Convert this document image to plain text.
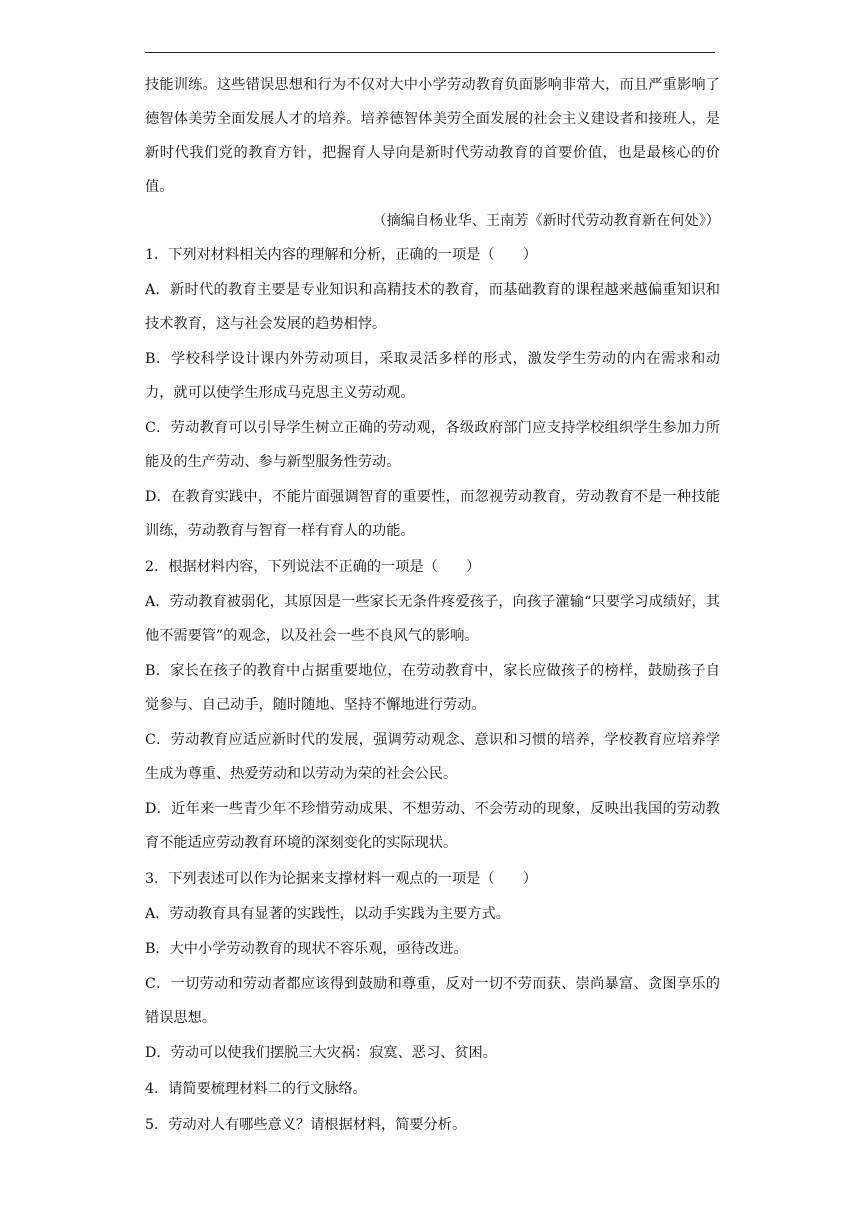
技能训练。这些错误思想和行为不仅对大中小学劳动教育负面影响非常大，而且严重影响了德智体美劳全面发展人才的培养。培养德智体美劳全面发展的社会主义建设者和接班人，是新时代我们党的教育方针，把握育人导向是新时代劳动教育的首要价值，也是最核心的价值。

（摘编自杨业华、王南芳《新时代劳动教育新在何处》）

1．下列对材料相关内容的理解和分析，正确的一项是（　　）

A．新时代的教育主要是专业知识和高精技术的教育，而基础教育的课程越来越偏重知识和技术教育，这与社会发展的趋势相悖。

B．学校科学设计课内外劳动项目，采取灵活多样的形式，激发学生劳动的内在需求和动力，就可以使学生形成马克思主义劳动观。

C．劳动教育可以引导学生树立正确的劳动观，各级政府部门应支持学校组织学生参加力所能及的生产劳动、参与新型服务性劳动。

D．在教育实践中，不能片面强调智育的重要性，而忽视劳动教育，劳动教育不是一种技能训练，劳动教育与智育一样有育人的功能。

2．根据材料内容，下列说法不正确的一项是（　　）

A．劳动教育被弱化，其原因是一些家长无条件疼爱孩子，向孩子灌输“只要学习成绩好，其他不需要管”的观念，以及社会一些不良风气的影响。

B．家长在孩子的教育中占据重要地位，在劳动教育中，家长应做孩子的榜样，鼓励孩子自觉参与、自己动手，随时随地、坚持不懈地进行劳动。

C．劳动教育应适应新时代的发展，强调劳动观念、意识和习惯的培养，学校教育应培养学生成为尊重、热爱劳动和以劳动为荣的社会公民。

D．近年来一些青少年不珍惜劳动成果、不想劳动、不会劳动的现象，反映出我国的劳动教育不能适应劳动教育环境的深刻变化的实际现状。

3．下列表述可以作为论据来支撑材料一观点的一项是（　　）

A．劳动教育具有显著的实践性，以动手实践为主要方式。

B．大中小学劳动教育的现状不容乐观，亟待改进。

C．一切劳动和劳动者都应该得到鼓励和尊重，反对一切不劳而获、崇尚暴富、贪图享乐的错误思想。

D．劳动可以使我们摆脱三大灾祸：寂寞、恶习、贫困。

4．请简要梳理材料二的行文脉络。

5．劳动对人有哪些意义？请根据材料，简要分析。
